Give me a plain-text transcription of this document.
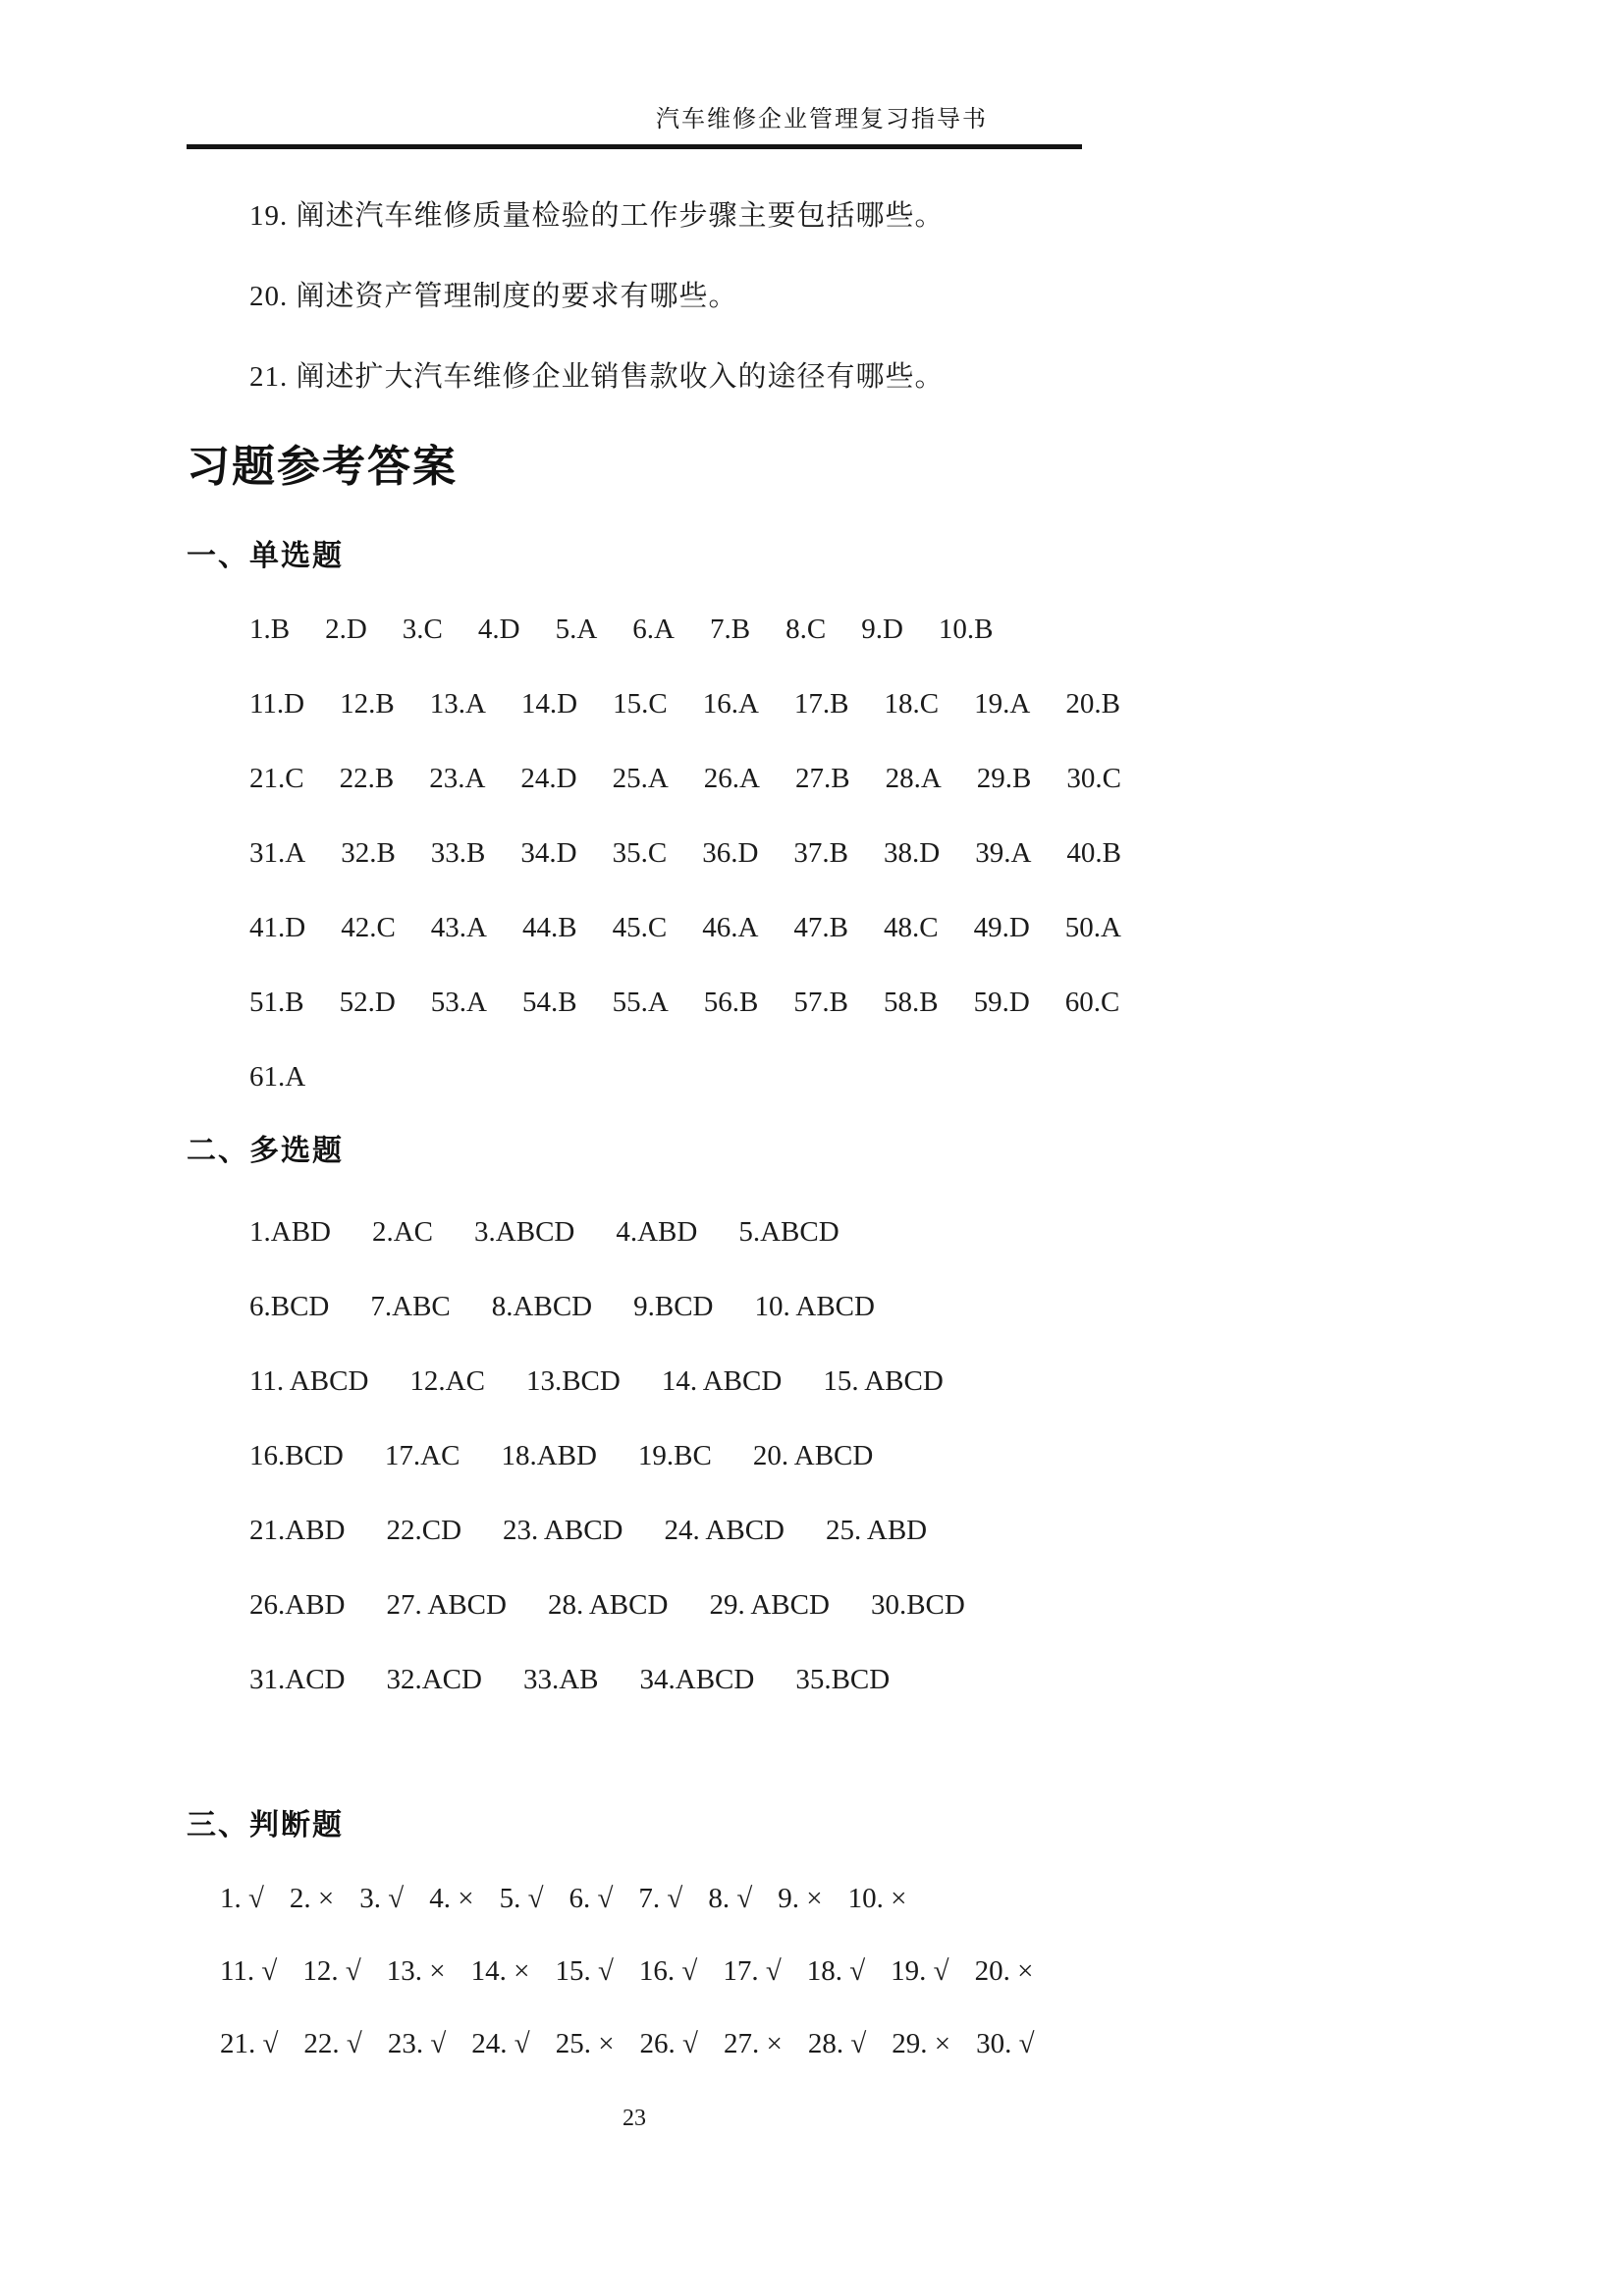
汽车维修企业管理复习指导书
19. 阐述汽车维修质量检验的工作步骤主要包括哪些。
20. 阐述资产管理制度的要求有哪些。
21. 阐述扩大汽车维修企业销售款收入的途径有哪些。
习题参考答案
一、单选题
1.B 2.D 3.C 4.D 5.A 6.A 7.B 8.C 9.D 10.B
11.D 12.B 13.A 14.D 15.C 16.A 17.B 18.C 19.A 20.B
21.C 22.B 23.A 24.D 25.A 26.A 27.B 28.A 29.B 30.C
31.A 32.B 33.B 34.D 35.C 36.D 37.B 38.D 39.A 40.B
41.D 42.C 43.A 44.B 45.C 46.A 47.B 48.C 49.D 50.A
51.B 52.D 53.A 54.B 55.A 56.B 57.B 58.B 59.D 60.C
61.A
二、多选题
1.ABD 2.AC 3.ABCD 4.ABD 5.ABCD
6.BCD 7.ABC 8.ABCD 9.BCD 10. ABCD
11. ABCD 12.AC 13.BCD 14. ABCD 15. ABCD
16.BCD 17.AC 18.ABD 19.BC 20. ABCD
21.ABD 22.CD 23. ABCD 24. ABCD 25. ABD
26.ABD 27. ABCD 28. ABCD 29. ABCD 30.BCD
31.ACD 32.ACD 33.AB 34.ABCD 35.BCD
三、判断题
1. √ 2. × 3. √ 4. × 5. √ 6. √ 7. √ 8. √ 9. × 10. ×
11. √ 12. √ 13. × 14. × 15. √ 16. √ 17. √ 18. √ 19. √ 20. ×
21. √ 22. √ 23. √ 24. √ 25. × 26. √ 27. × 28. √ 29. × 30. √
23
